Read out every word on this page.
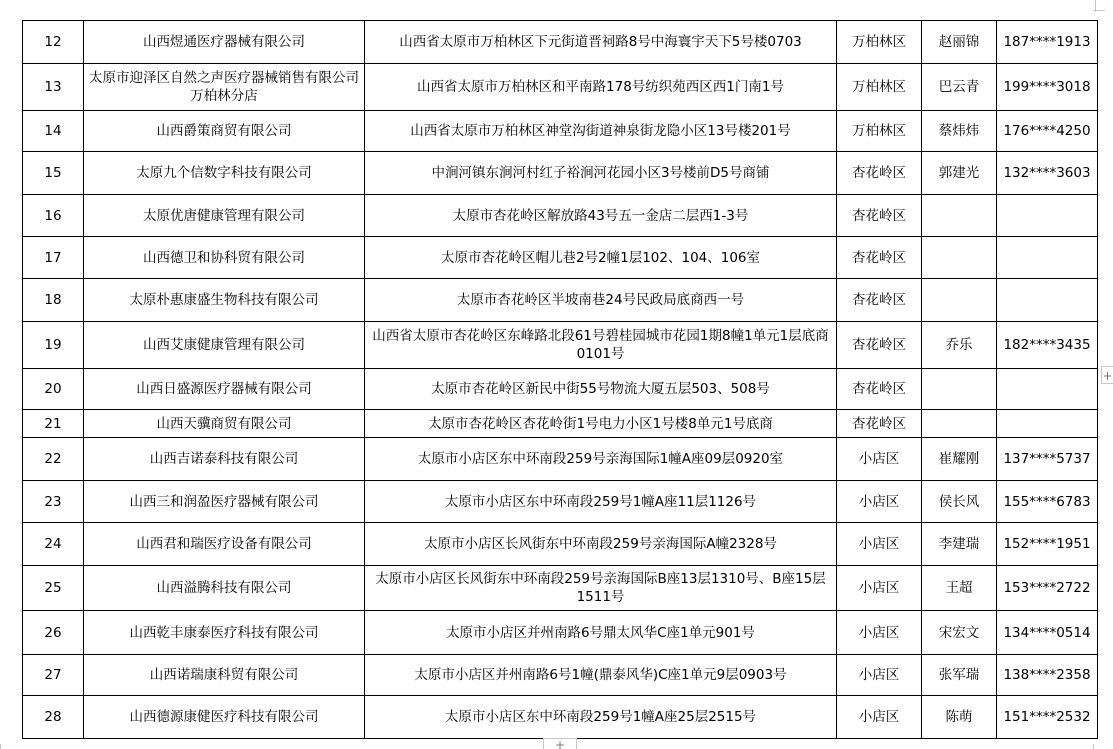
12	山西煜通医疗器械有限公司	山西省太原市万柏林区下元街道晋祠路8号中海寰宇天下5号楼0703	万柏林区	赵丽锦	187****1913
13	太原市迎泽区自然之声医疗器械销售有限公司万柏林分店	山西省太原市万柏林区和平南路178号纺织苑西区西1门南1号	万柏林区	巴云青	199****3018
14	山西爵策商贸有限公司	山西省太原市万柏林区神堂沟街道神泉街龙隐小区13号楼201号	万柏林区	蔡炜炜	176****4250
15	太原九个信数字科技有限公司	中涧河镇东涧河村红子裕涧河花园小区3号楼前D5号商铺	杏花岭区	郭建光	132****3603
16	太原优唐健康管理有限公司	太原市杏花岭区解放路43号五一金店二层西1-3号	杏花岭区		
17	山西德卫和协科贸有限公司	太原市杏花岭区帽儿巷2号2幢1层102、104、106室	杏花岭区		
18	太原朴惠康盛生物科技有限公司	太原市杏花岭区半坡南巷24号民政局底商西一号	杏花岭区		
19	山西艾康健康管理有限公司	山西省太原市杏花岭区东峰路北段61号碧桂园城市花园1期8幢1单元1层底商0101号	杏花岭区	乔乐	182****3435
20	山西日盛源医疗器械有限公司	太原市杏花岭区新民中街55号物流大厦五层503、508号	杏花岭区		
21	山西天骥商贸有限公司	太原市杏花岭区杏花岭街1号电力小区1号楼8单元1号底商	杏花岭区		
22	山西吉诺泰科技有限公司	太原市小店区东中环南段259号亲海国际1幢A座09层0920室	小店区	崔耀刚	137****5737
23	山西三和润盈医疗器械有限公司	太原市小店区东中环南段259号1幢A座11层1126号	小店区	侯长风	155****6783
24	山西君和瑞医疗设备有限公司	太原市小店区长风街东中环南段259号亲海国际A幢2328号	小店区	李建瑞	152****1951
25	山西溢腾科技有限公司	太原市小店区长风街东中环南段259号亲海国际B座13层1310号、B座15层1511号	小店区	王超	153****2722
26	山西乾丰康泰医疗科技有限公司	太原市小店区并州南路6号鼎太风华C座1单元901号	小店区	宋宏文	134****0514
27	山西诺瑞康科贸有限公司	太原市小店区并州南路6号1幢(鼎泰风华)C座1单元9层0903号	小店区	张军瑞	138****2358
28	山西德源康健医疗科技有限公司	太原市小店区东中环南段259号1幢A座25层2515号	小店区	陈萌	151****2532
+
+
